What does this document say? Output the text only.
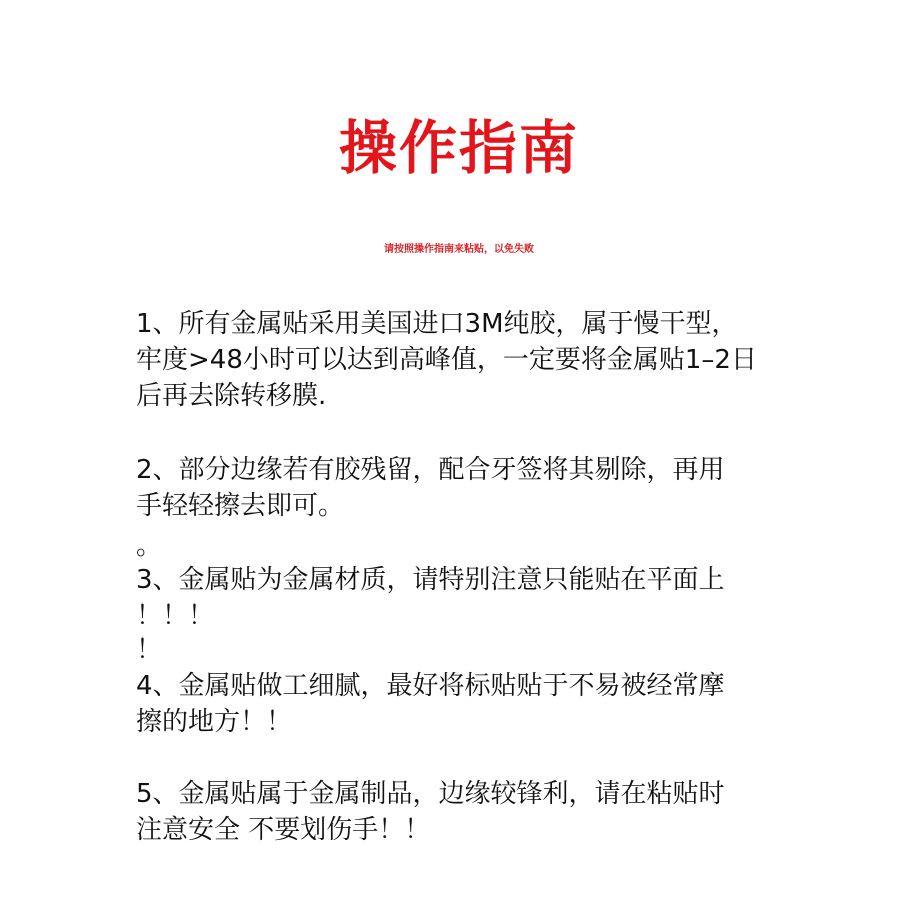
操作指南
请按照操作指南来粘贴，以免失败
1、所有金属贴采用美国进口3M纯胶，属于慢干型，
牢度>48小时可以达到高峰值，一定要将金属贴1–2日
后再去除转移膜.
2、部分边缘若有胶残留，配合牙签将其剔除，再用
手轻轻擦去即可。
。
3、金属贴为金属材质，请特别注意只能贴在平面上
！！！
！
4、金属贴做工细腻，最好将标贴贴于不易被经常摩
擦的地方！！
5、金属贴属于金属制品，边缘较锋利，请在粘贴时
注意安全 不要划伤手！！
